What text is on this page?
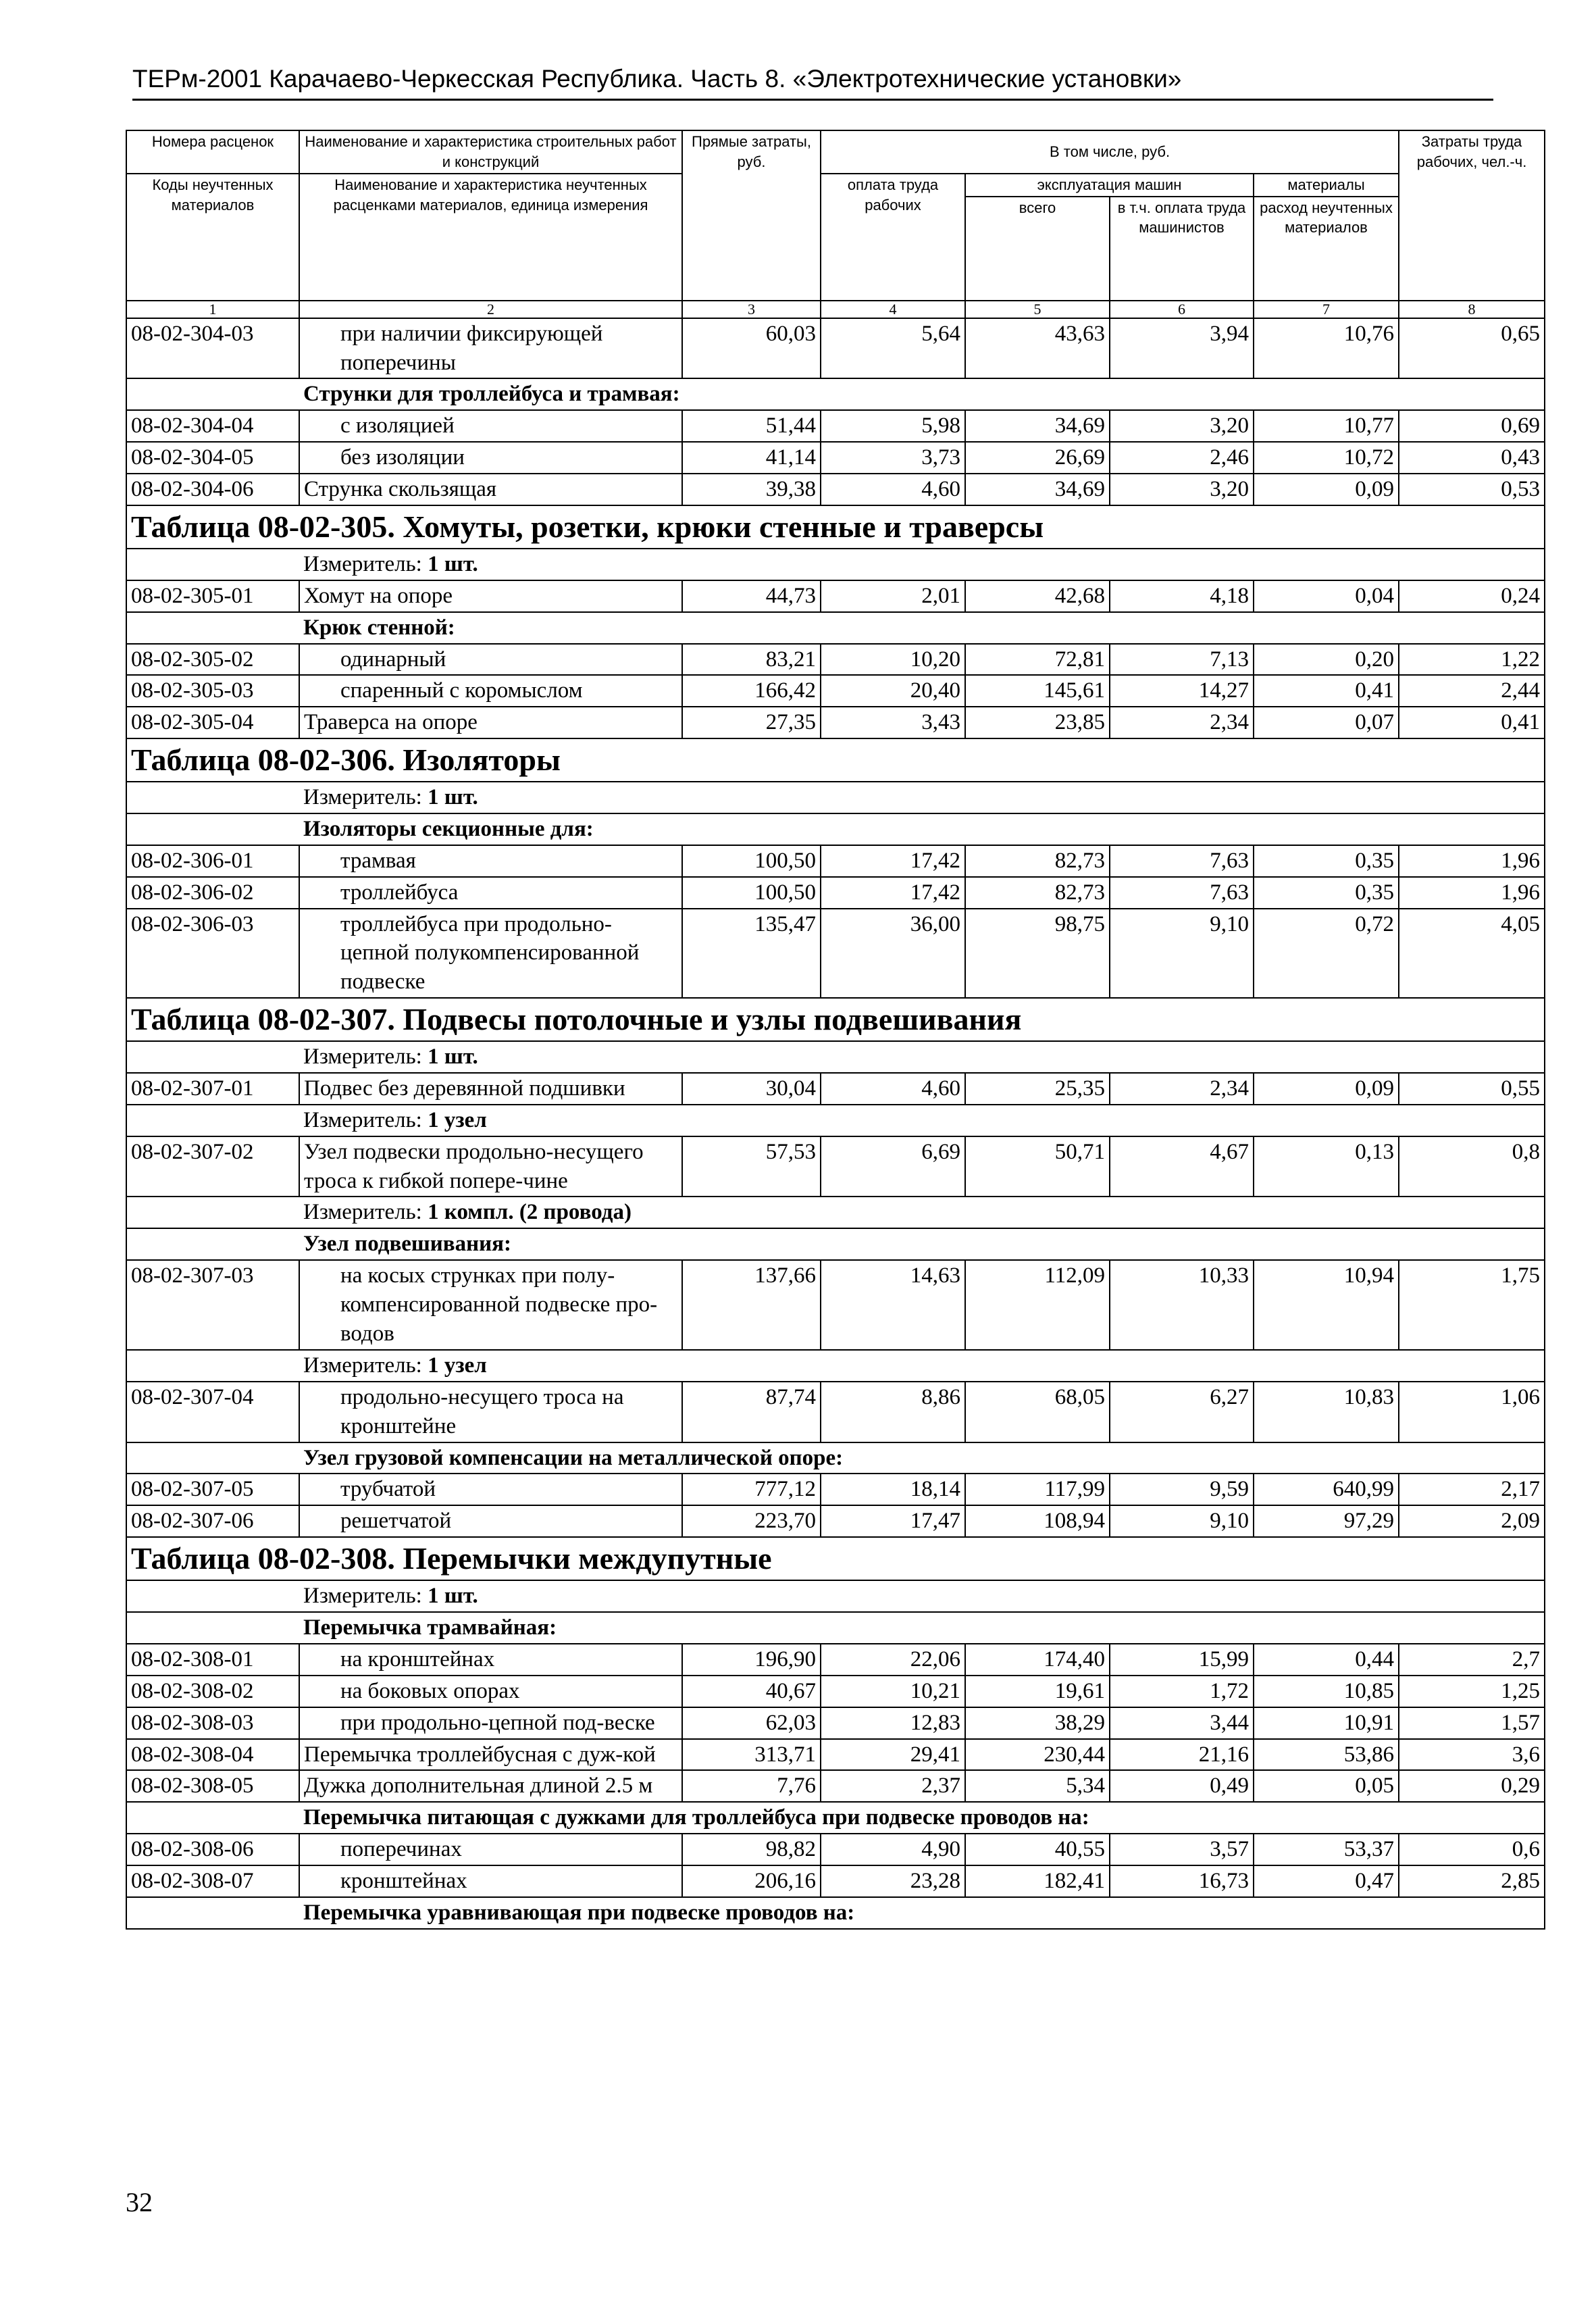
ТЕРм-2001 Карачаево-Черкесская Республика. Часть 8. «Электротехнические установки»
Номера расценок	Наименование и характеристика строительных работ и конструкций	Прямые затраты, руб.	В том числе, руб.				Затраты труда рабочих, чел.-ч.
Коды неучтенных материалов	Наименование и характеристика неучтенных расценками материалов, единица измерения		оплата труда рабочих	эксплуатация машин		материалы	
				всего	в т.ч. оплата труда машинистов	расход неучтенных материалов	

1	2	3	4	5	6	7	8
08-02-304-03	при наличии фиксирующей поперечины	60,03	5,64	43,63	3,94	10,76	0,65
	Струнки для троллейбуса и трамвая:						
08-02-304-04	с изоляцией	51,44	5,98	34,69	3,20	10,77	0,69
08-02-304-05	без изоляции	41,14	3,73	26,69	2,46	10,72	0,43
08-02-304-06	Струнка скользящая	39,38	4,60	34,69	3,20	0,09	0,53
Таблица 08-02-305. Хомуты, розетки, крюки стенные и траверсы							
	Измеритель: 1 шт.						
08-02-305-01	Хомут на опоре	44,73	2,01	42,68	4,18	0,04	0,24
	Крюк стенной:						
08-02-305-02	одинарный	83,21	10,20	72,81	7,13	0,20	1,22
08-02-305-03	спаренный с коромыслом	166,42	20,40	145,61	14,27	0,41	2,44
08-02-305-04	Траверса на опоре	27,35	3,43	23,85	2,34	0,07	0,41
Таблица 08-02-306. Изоляторы							
	Измеритель: 1 шт.						
	Изоляторы секционные для:						
08-02-306-01	трамвая	100,50	17,42	82,73	7,63	0,35	1,96
08-02-306-02	троллейбуса	100,50	17,42	82,73	7,63	0,35	1,96
08-02-306-03	троллейбуса при продольно-цепной полукомпенсированной подвеске	135,47	36,00	98,75	9,10	0,72	4,05
Таблица 08-02-307. Подвесы потолочные и узлы подвешивания							
	Измеритель: 1 шт.						
08-02-307-01	Подвес без деревянной подшивки	30,04	4,60	25,35	2,34	0,09	0,55
	Измеритель: 1 узел						
08-02-307-02	Узел подвески продольно-несущего троса к гибкой попере-чине	57,53	6,69	50,71	4,67	0,13	0,8
	Измеритель: 1 компл. (2 провода)						
	Узел подвешивания:						
08-02-307-03	на косых струнках при полу-компенсированной подвеске про-водов	137,66	14,63	112,09	10,33	10,94	1,75
	Измеритель: 1 узел						
08-02-307-04	продольно-несущего троса на кронштейне	87,74	8,86	68,05	6,27	10,83	1,06
	Узел грузовой компенсации на металлической опоре:						
08-02-307-05	трубчатой	777,12	18,14	117,99	9,59	640,99	2,17
08-02-307-06	решетчатой	223,70	17,47	108,94	9,10	97,29	2,09
Таблица 08-02-308. Перемычки междупутные							
	Измеритель: 1 шт.						
	Перемычка трамвайная:						
08-02-308-01	на кронштейнах	196,90	22,06	174,40	15,99	0,44	2,7
08-02-308-02	на боковых опорах	40,67	10,21	19,61	1,72	10,85	1,25
08-02-308-03	при продольно-цепной под-веске	62,03	12,83	38,29	3,44	10,91	1,57
08-02-308-04	Перемычка троллейбусная с дуж-кой	313,71	29,41	230,44	21,16	53,86	3,6
08-02-308-05	Дужка дополнительная длиной 2.5 м	7,76	2,37	5,34	0,49	0,05	0,29
	Перемычка питающая с дужками для троллейбуса при подвеске проводов на:						
08-02-308-06	поперечинах	98,82	4,90	40,55	3,57	53,37	0,6
08-02-308-07	кронштейнах	206,16	23,28	182,41	16,73	0,47	2,85
	Перемычка уравнивающая при подвеске проводов на:						
32
